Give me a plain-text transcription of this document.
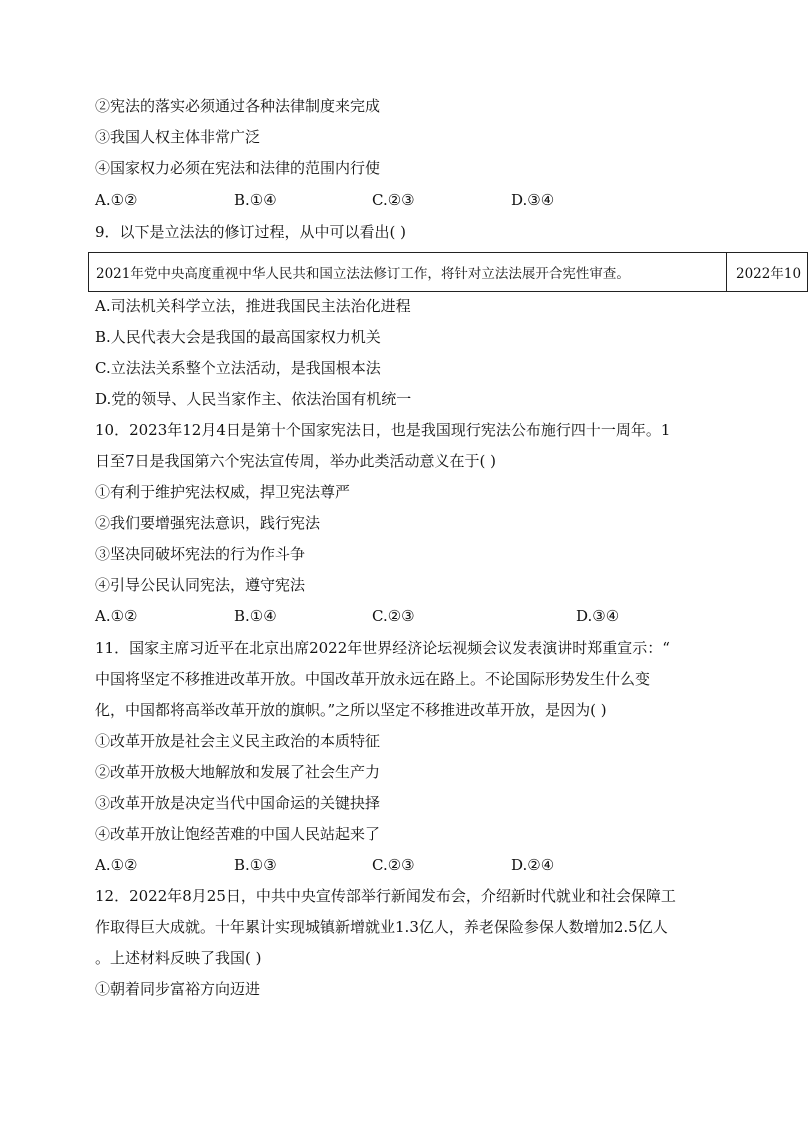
②宪法的落实必须通过各种法律制度来完成
③我国人权主体非常广泛
④国家权力必须在宪法和法律的范围内行使
A.①②	B.①④	C.②③	D.③④
9．以下是立法法的修订过程，从中可以看出( )
2021年党中央高度重视中华人民共和国立法法修订工作，将针对立法法展开合宪性审查。	2022年10
A.司法机关科学立法，推进我国民主法治化进程
B.人民代表大会是我国的最高国家权力机关
C.立法法关系整个立法活动，是我国根本法
D.党的领导、人民当家作主、依法治国有机统一
10．2023年12月4日是第十个国家宪法日，也是我国现行宪法公布施行四十一周年。1
日至7日是我国第六个宪法宣传周，举办此类活动意义在于( )
①有利于维护宪法权威，捍卫宪法尊严
②我们要增强宪法意识，践行宪法
③坚决同破坏宪法的行为作斗争
④引导公民认同宪法，遵守宪法
A.①②	B.①④	C.②③	D.③④
11．国家主席习近平在北京出席2022年世界经济论坛视频会议发表演讲时郑重宣示：“
中国将坚定不移推进改革开放。中国改革开放永远在路上。不论国际形势发生什么变
化，中国都将高举改革开放的旗帜。”之所以坚定不移推进改革开放，是因为( )
①改革开放是社会主义民主政治的本质特征
②改革开放极大地解放和发展了社会生产力
③改革开放是决定当代中国命运的关键抉择
④改革开放让饱经苦难的中国人民站起来了
A.①②	B.①③	C.②③	D.②④
12．2022年8月25日，中共中央宣传部举行新闻发布会，介绍新时代就业和社会保障工
作取得巨大成就。十年累计实现城镇新增就业1.3亿人，养老保险参保人数增加2.5亿人
。上述材料反映了我国( )
①朝着同步富裕方向迈进
